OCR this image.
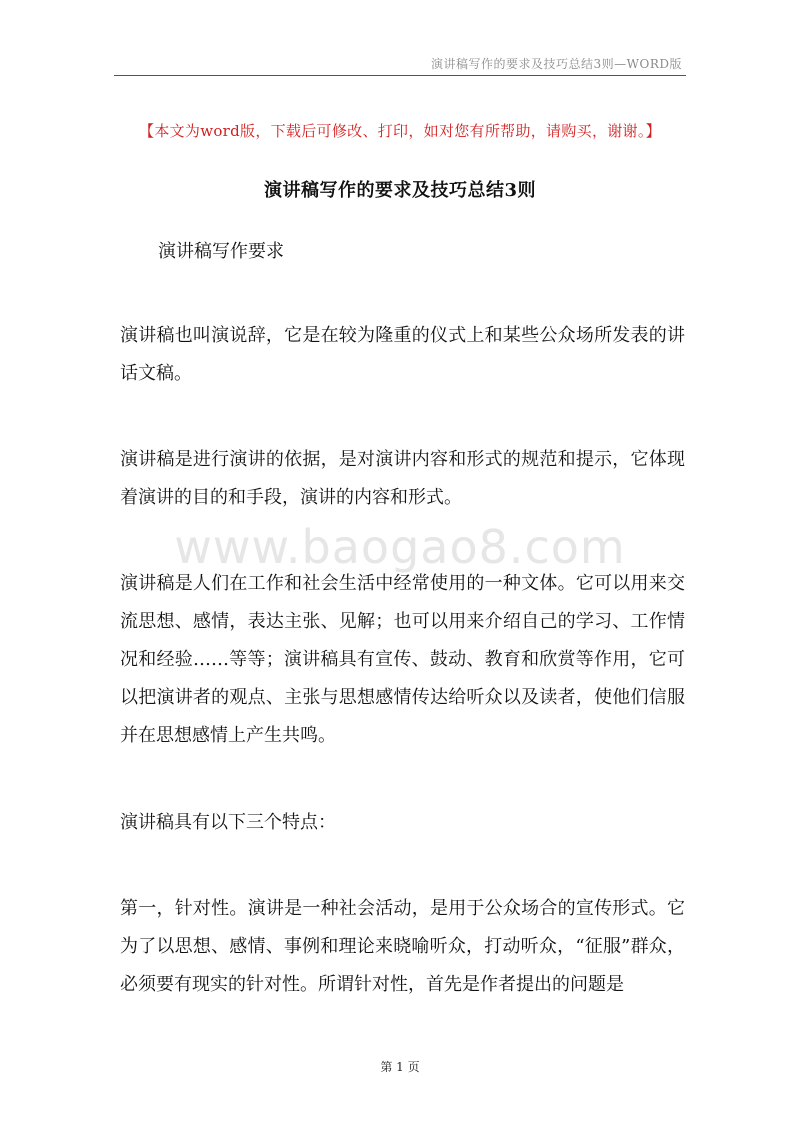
演讲稿写作的要求及技巧总结3则—WORD版
【本文为word版，下载后可修改、打印，如对您有所帮助，请购买，谢谢。】
演讲稿写作的要求及技巧总结3则
演讲稿写作要求

演讲稿也叫演说辞，它是在较为隆重的仪式上和某些公众场所发表的讲话文稿。

演讲稿是进行演讲的依据，是对演讲内容和形式的规范和提示，它体现着演讲的目的和手段，演讲的内容和形式。

www.baogao8.com

演讲稿是人们在工作和社会生活中经常使用的一种文体。它可以用来交流思想、感情，表达主张、见解；也可以用来介绍自己的学习、工作情况和经验……等等；演讲稿具有宣传、鼓动、教育和欣赏等作用，它可以把演讲者的观点、主张与思想感情传达给听众以及读者，使他们信服并在思想感情上产生共鸣。

演讲稿具有以下三个特点：

第一，针对性。演讲是一种社会活动，是用于公众场合的宣传形式。它为了以思想、感情、事例和理论来晓喻听众，打动听众，“征服”群众，必须要有现实的针对性。所谓针对性，首先是作者提出的问题是

第 1 页
